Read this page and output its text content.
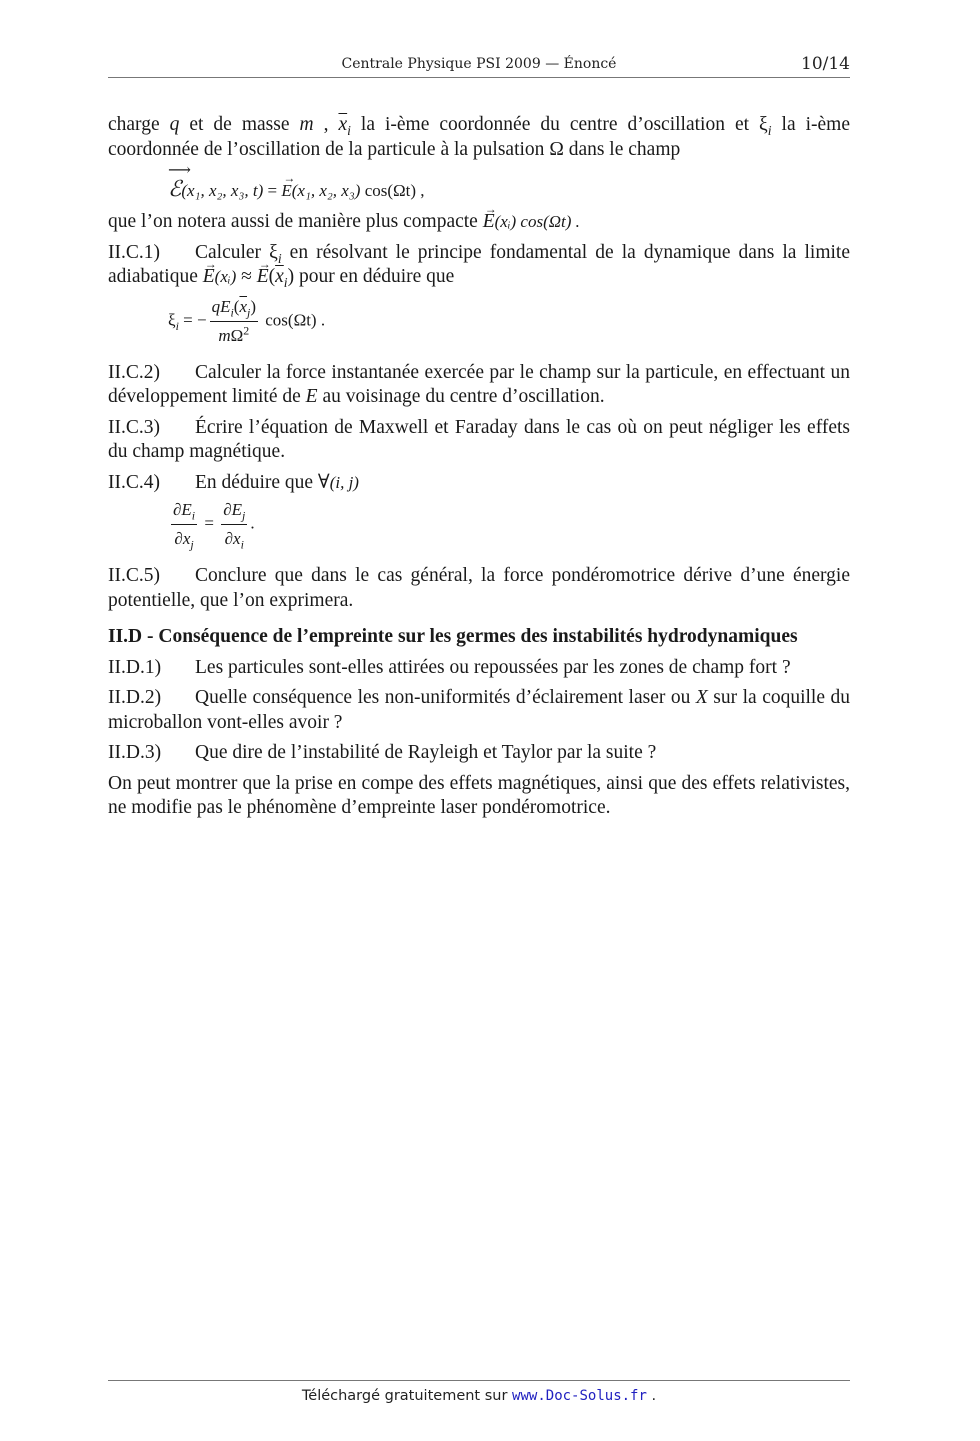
Centrale Physique PSI 2009 — Énoncé	10/14

charge q et de masse m , $\overline{x}_i$ la i-ème coordonnée du centre d’oscillation et $\xi_i$ la i-ème coordonnée de l’oscillation de la particule à la pulsation Ω dans le champ

⟶ ℰ(x₁, x₂, x₃, t) = → E(x₁, x₂, x₃) cos(Ωt) ,

que l’on notera aussi de manière plus compacte → E(xᵢ) cos(Ωt) .

II.C.1) Calculer $\xi_i$ en résolvant le principe fondamental de la dynamique dans la limite adiabatique → E(xᵢ) ≈ → $E(\overline{x}_i)$ pour en déduire que

$\xi_i$ = − $\frac{qE_i(\overline{x}_j)}{m\Omega^2} \cos(\Omega t)$ .

II.C.2) Calculer la force instantanée exercée par le champ sur la particule, en effectuant un développement limité de E au voisinage du centre d’oscillation.

II.C.3) Écrire l’équation de Maxwell et Faraday dans le cas où on peut négliger les effets du champ magnétique.

II.C.4) En déduire que ∀(i, j)

$\frac{\partial E_i}{\partial x_j} = \frac{\partial E_j}{\partial x_i}$ .

II.C.5) Conclure que dans le cas général, la force pondéromotrice dérive d’une énergie potentielle, que l’on exprimera.

II.D - Conséquence de l’empreinte sur les germes des instabilités hydrodynamiques

II.D.1) Les particules sont-elles attirées ou repoussées par les zones de champ fort ?

II.D.2) Quelle conséquence les non-uniformités d’éclairement laser ou X sur la coquille du microballon vont-elles avoir ?

II.D.3) Que dire de l’instabilité de Rayleigh et Taylor par la suite ?

On peut montrer que la prise en compe des effets magnétiques, ainsi que des effets relativistes, ne modifie pas le phénomène d’empreinte laser pondéromotrice.

Téléchargé gratuitement sur www.Doc-Solus.fr .
